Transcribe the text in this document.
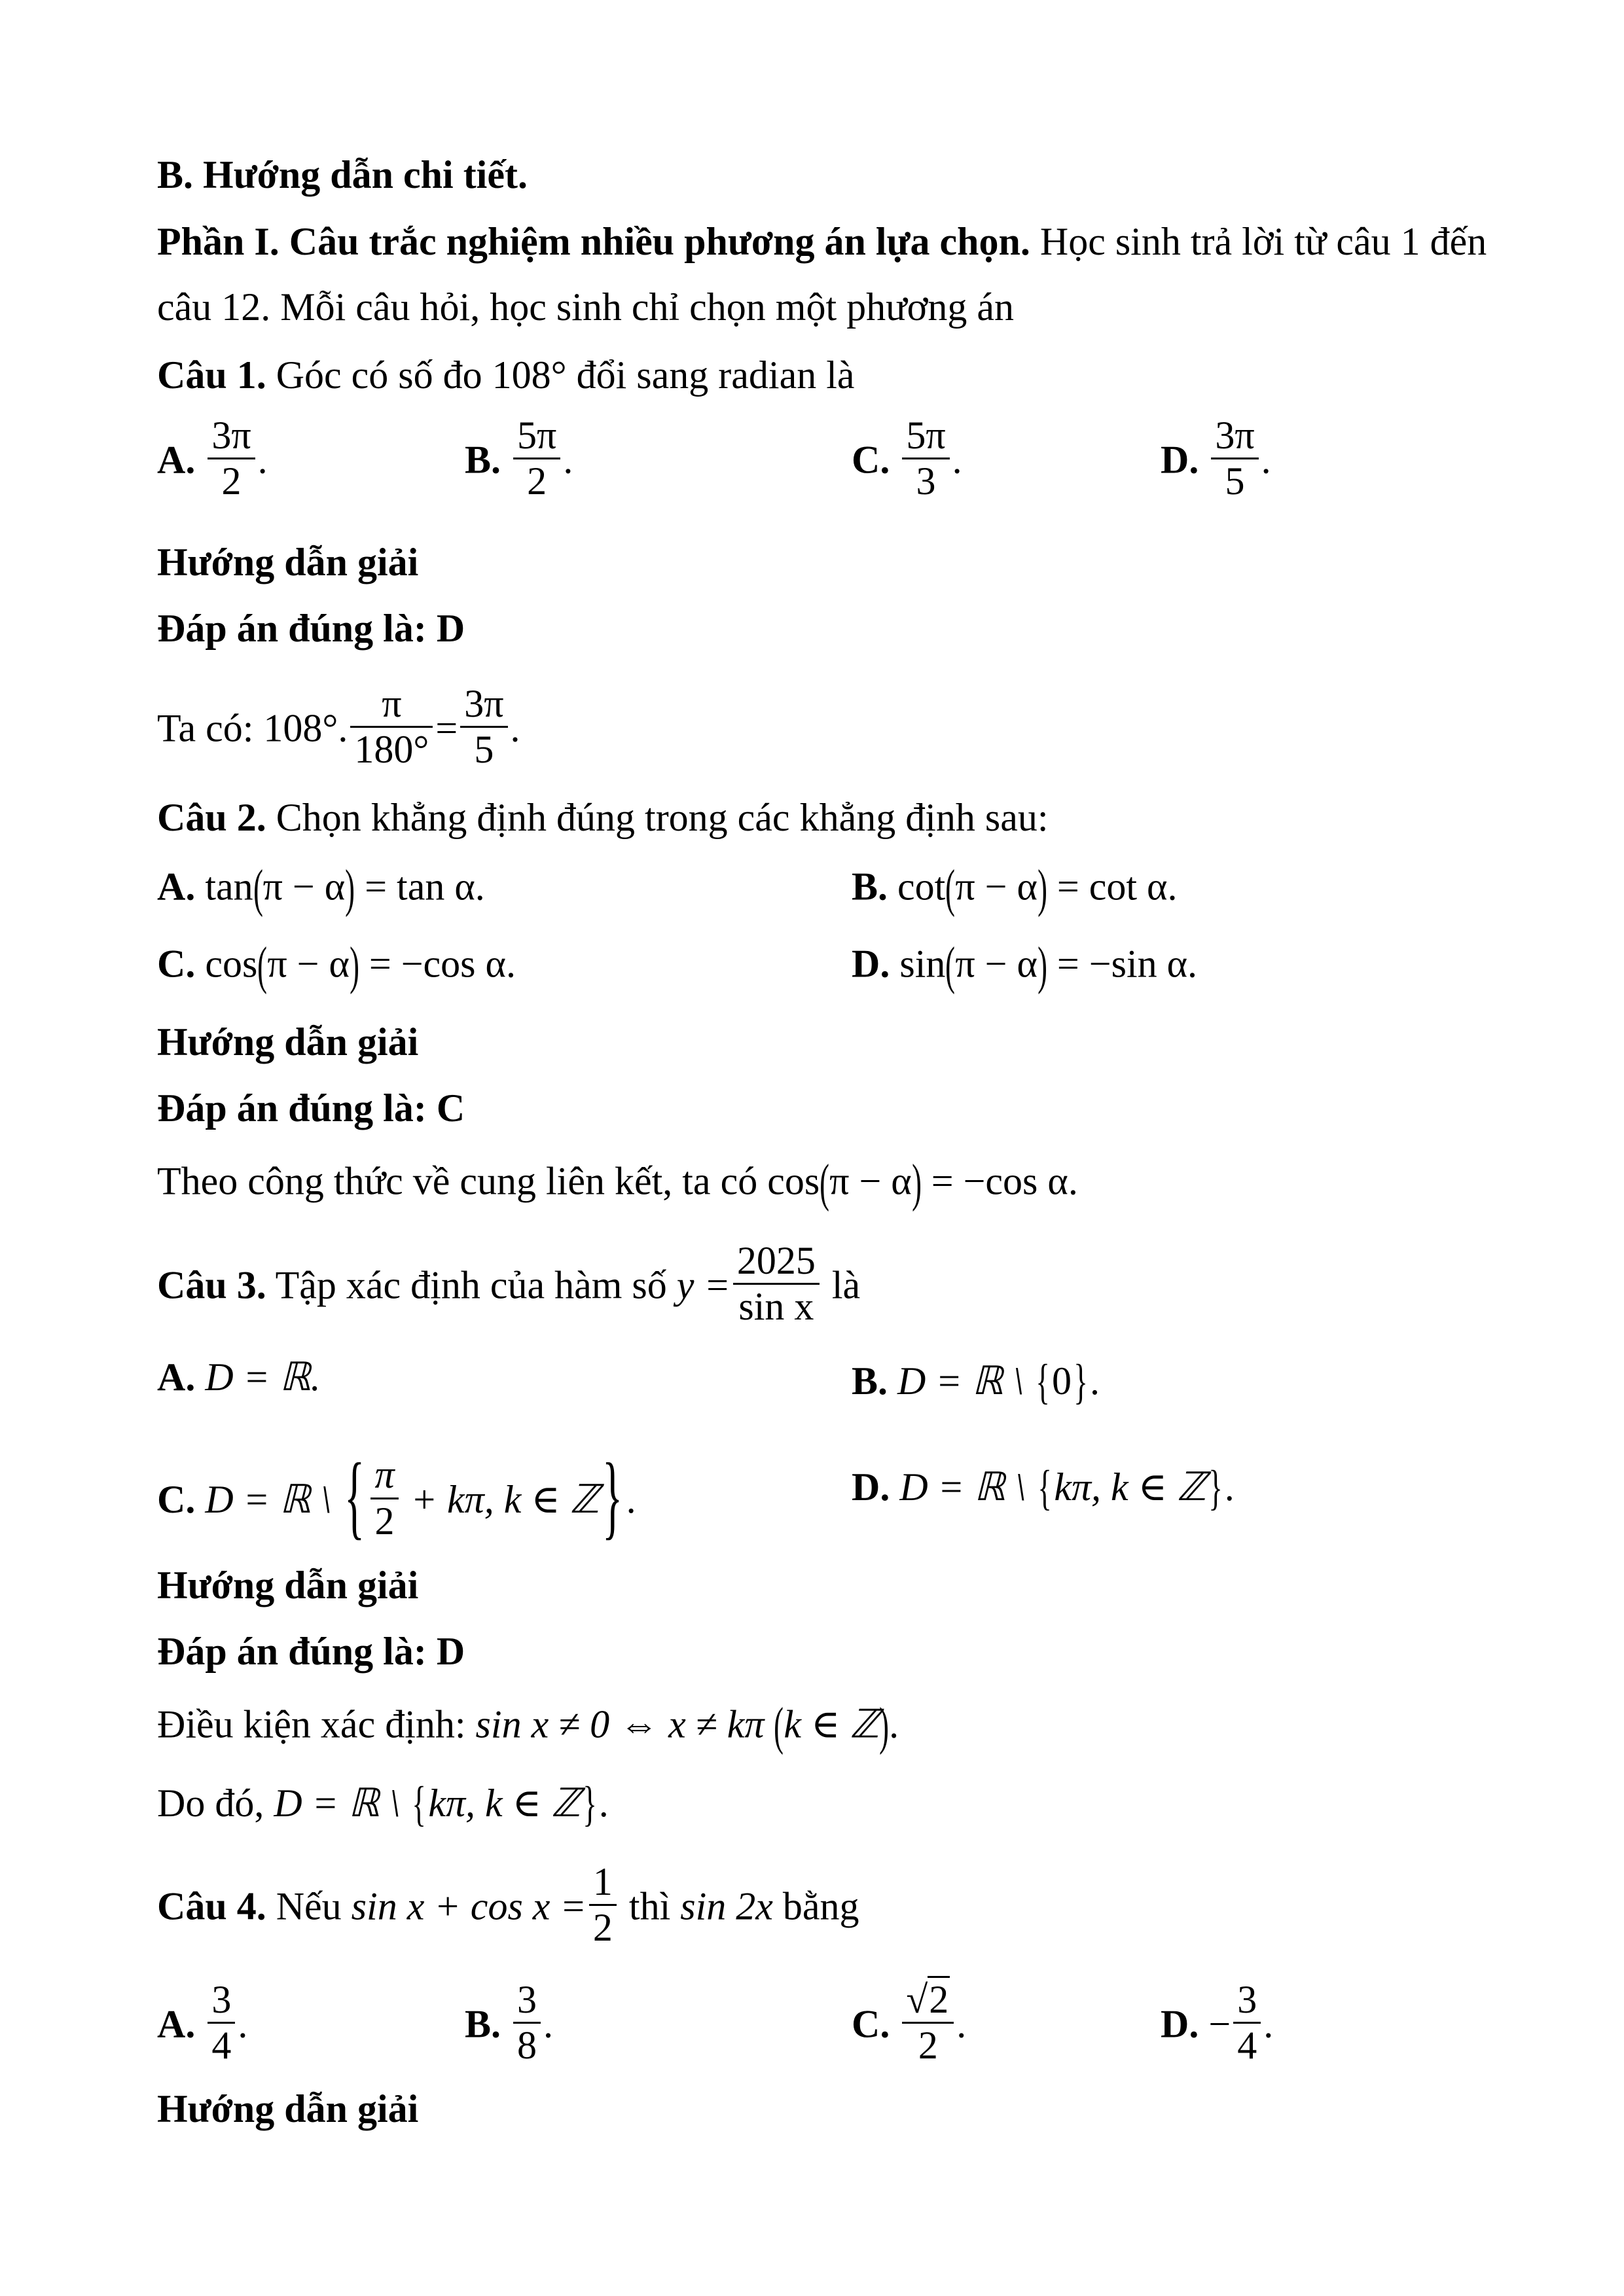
B. Hướng dẫn chi tiết.
Phần I. Câu trắc nghiệm nhiều phương án lựa chọn. Học sinh trả lời từ câu 1 đến
câu 12. Mỗi câu hỏi, học sinh chỉ chọn một phương án
Câu 1. Góc có số đo 108° đổi sang radian là
A. $\frac{3\pi}{2}$ .	B. $\frac{5\pi}{2}$ .	C. $\frac{5\pi}{3}$ .	D. $\frac{3\pi}{5}$ .
Hướng dẫn giải
Đáp án đúng là: D
Ta có: 108°. $\frac{\pi}{180^\circ} = \frac{3\pi}{5}$ .
Câu 2. Chọn khẳng định đúng trong các khẳng định sau:
A. tan(π − α) = tan α.	B. cot(π − α) = cot α.
C. cos(π − α) = −cos α.	D. sin(π − α) = −sin α.
Hướng dẫn giải
Đáp án đúng là: C
Theo công thức về cung liên kết, ta có cos(π − α) = −cos α.
Câu 3. Tập xác định của hàm số $y = \frac{2025}{\text{sin x}}$ là
A. D = ℝ.	B. D = ℝ \ {0}.
C. D = ℝ \ { $\frac{\pi}{2} + k\pi$, k ∈ ℤ}.	D. D = ℝ \ {kπ, k ∈ ℤ}.
Hướng dẫn giải
Đáp án đúng là: D
Điều kiện xác định: sin x ≠ 0 ⇔ x ≠ kπ (k ∈ ℤ).
Do đó, D = ℝ \ {kπ, k ∈ ℤ}.
Câu 4. Nếu $\sin x + \cos x = \frac{1}{2}$ thì sin 2x bằng
A. $\frac{3}{4}$ .	B. $\frac{3}{8}$ .	C. $\frac{√2}{2}$ .	D. − $\frac{3}{4}$ .
Hướng dẫn giải
